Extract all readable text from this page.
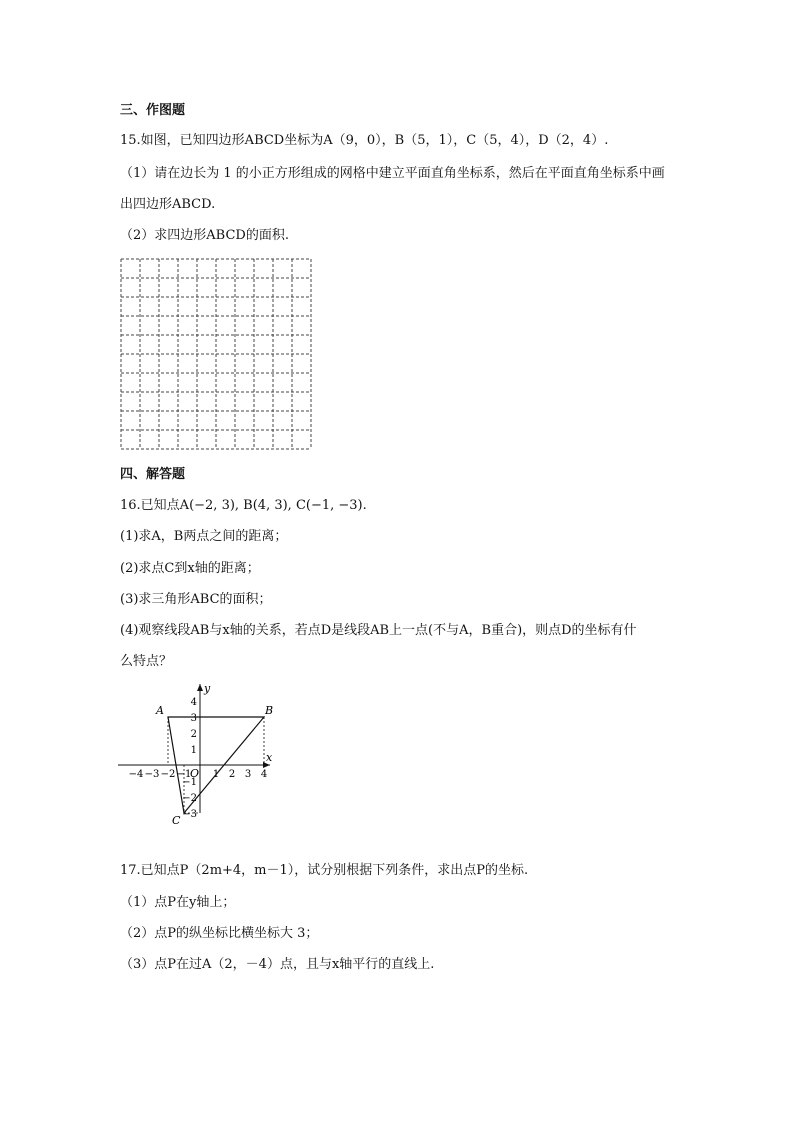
三、作图题
15.如图，已知四边形ABCD坐标为A（9，0），B（5，1），C（5，4），D（2，4）.
（1）请在边长为 1 的小正方形组成的网格中建立平面直角坐标系，然后在平面直角坐标系中画
出四边形ABCD.
（2）求四边形ABCD的面积.
四、解答题
16.已知点A(−2, 3), B(4, 3), C(−1, −3).
(1)求A，B两点之间的距离；
(2)求点C到x轴的距离；
(3)求三角形ABC的面积；
(4)观察线段AB与x轴的关系，若点D是线段AB上一点(不与A，B重合)，则点D的坐标有什
么特点？
x
y
O
−4 −3 −2 −1 1 2 3 4
4
3
2
1
−1
−2
−3
A	B
C
17.已知点P（2m+4，m－1），试分别根据下列条件，求出点P的坐标.
（1）点P在y轴上；
（2）点P的纵坐标比横坐标大 3；
（3）点P在过A（2，－4）点，且与x轴平行的直线上.
